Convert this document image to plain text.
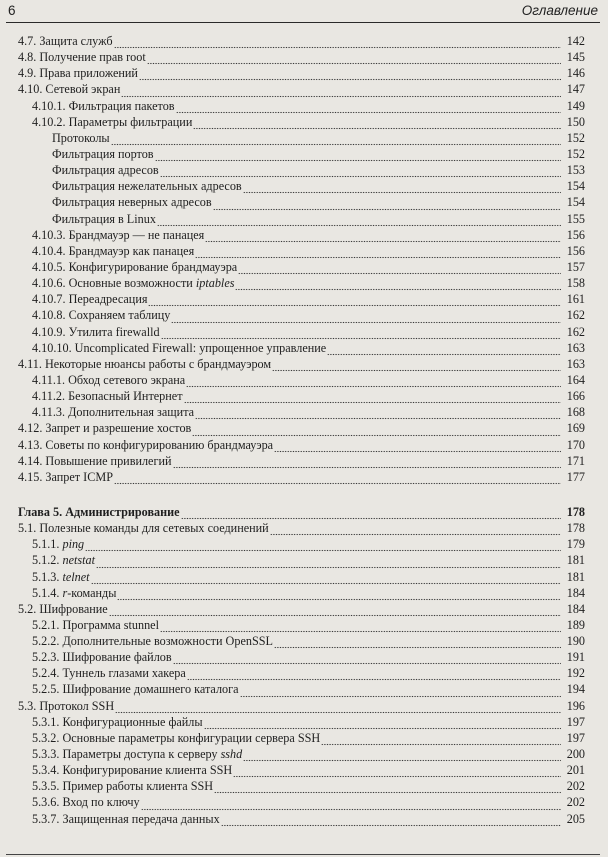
6	Оглавление
4.7. Защита служб	142
4.8. Получение прав root	145
4.9. Права приложений	146
4.10. Сетевой экран	147
4.10.1. Фильтрация пакетов	149
4.10.2. Параметры фильтрации	150
Протоколы	152
Фильтрация портов	152
Фильтрация адресов	153
Фильтрация нежелательных адресов	154
Фильтрация неверных адресов	154
Фильтрация в Linux	155
4.10.3. Брандмауэр — не панацея	156
4.10.4. Брандмауэр как панацея	156
4.10.5. Конфигурирование брандмауэра	157
4.10.6. Основные возможности iptables	158
4.10.7. Переадресация	161
4.10.8. Сохраняем таблицу	162
4.10.9. Утилита firewalld	162
4.10.10. Uncomplicated Firewall: упрощенное управление	163
4.11. Некоторые нюансы работы с брандмауэром	163
4.11.1. Обход сетевого экрана	164
4.11.2. Безопасный Интернет	166
4.11.3. Дополнительная защита	168
4.12. Запрет и разрешение хостов	169
4.13. Советы по конфигурированию брандмауэра	170
4.14. Повышение привилегий	171
4.15. Запрет ICMP	177
Глава 5. Администрирование	178
5.1. Полезные команды для сетевых соединений	178
5.1.1. ping	179
5.1.2. netstat	181
5.1.3. telnet	181
5.1.4. r-команды	184
5.2. Шифрование	184
5.2.1. Программа stunnel	189
5.2.2. Дополнительные возможности OpenSSL	190
5.2.3. Шифрование файлов	191
5.2.4. Туннель глазами хакера	192
5.2.5. Шифрование домашнего каталога	194
5.3. Протокол SSH	196
5.3.1. Конфигурационные файлы	197
5.3.2. Основные параметры конфигурации сервера SSH	197
5.3.3. Параметры доступа к серверу sshd	200
5.3.4. Конфигурирование клиента SSH	201
5.3.5. Пример работы клиента SSH	202
5.3.6. Вход по ключу	202
5.3.7. Защищенная передача данных	205
